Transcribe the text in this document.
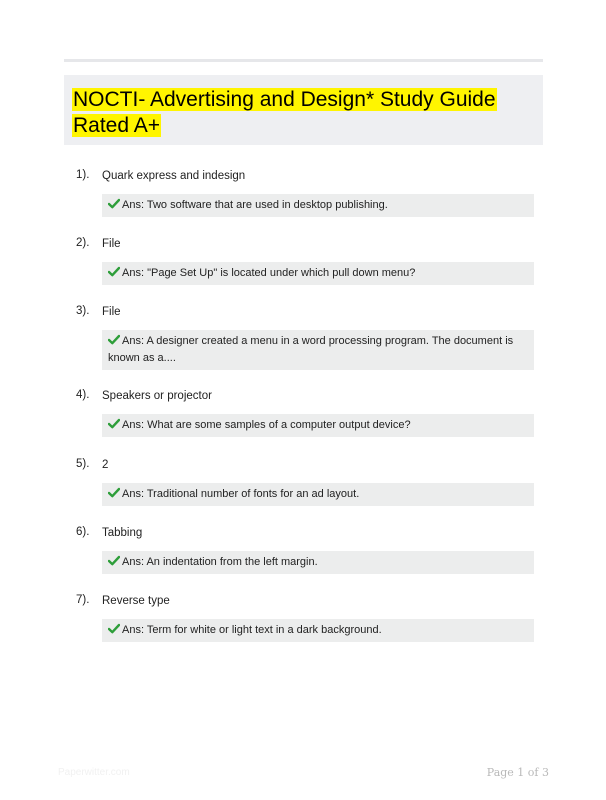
NOCTI- Advertising and Design* Study Guide Rated A+
1). Quark express and indesign
Ans: Two software that are used in desktop publishing.
2). File
Ans: "Page Set Up" is located under which pull down menu?
3). File
Ans: A designer created a menu in a word processing program. The document is known as a....
4). Speakers or projector
Ans: What are some samples of a computer output device?
5). 2
Ans: Traditional number of fonts for an ad layout.
6). Tabbing
Ans: An indentation from the left margin.
7). Reverse type
Ans: Term for white or light text in a dark background.
Paperwitter.com	Page 1 of 3
